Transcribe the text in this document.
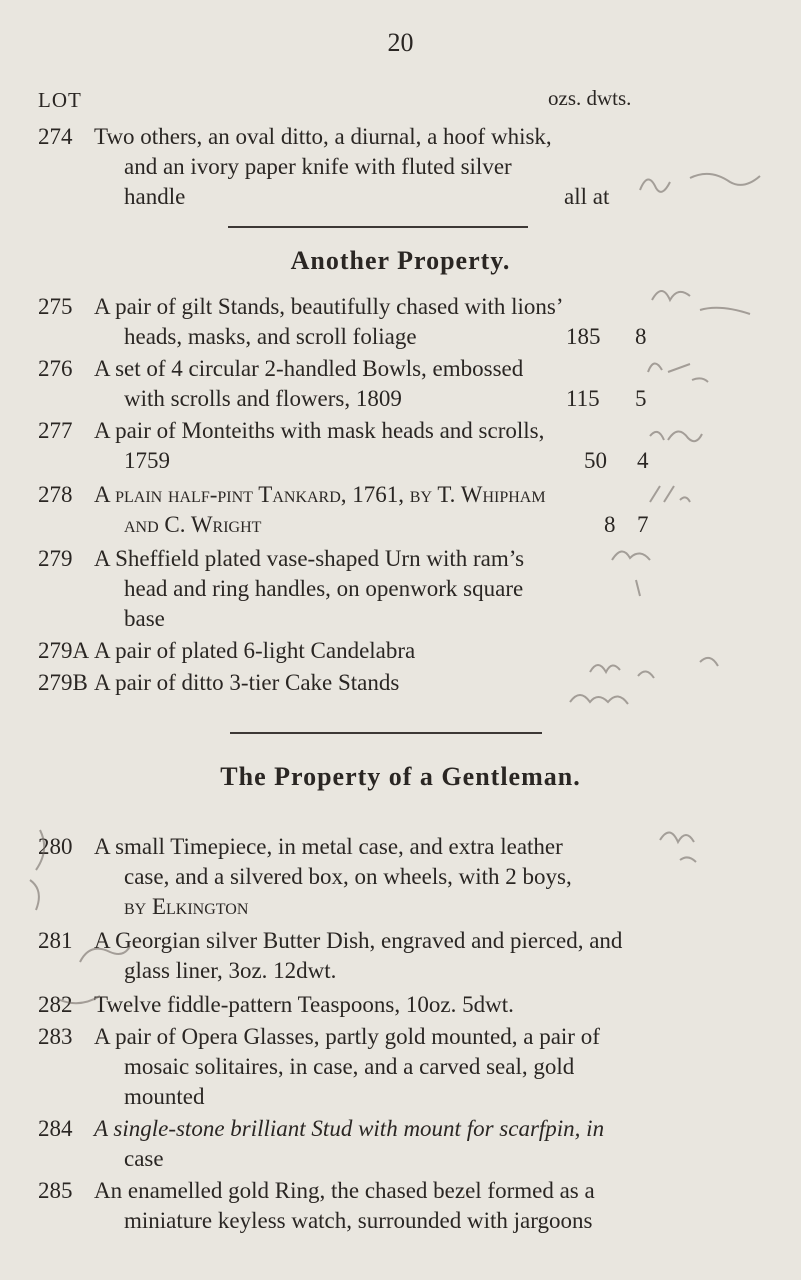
20
LOT	ozs. dwts.
274 Two others, an oval ditto, a diurnal, a hoof whisk,
and an ivory paper knife with fluted silver
handle	all at
Another Property.
275 A pair of gilt Stands, beautifully chased with lions’
heads, masks, and scroll foliage	185 8
276 A set of 4 circular 2-handled Bowls, embossed
with scrolls and flowers, 1809	115 5
277 A pair of Monteiths with mask heads and scrolls,
1759	50 4
278 A plain half-pint Tankard, 1761, by T. Whipham
and C. Wright	8 7
279 A Sheffield plated vase-shaped Urn with ram’s
head and ring handles, on openwork square
base
279A A pair of plated 6-light Candelabra
279B A pair of ditto 3-tier Cake Stands
The Property of a Gentleman.
280 A small Timepiece, in metal case, and extra leather
case, and a silvered box, on wheels, with 2 boys,
by Elkington
281 A Georgian silver Butter Dish, engraved and pierced, and
glass liner, 3oz. 12dwt.
282 Twelve fiddle-pattern Teaspoons, 10oz. 5dwt.
283 A pair of Opera Glasses, partly gold mounted, a pair of
mosaic solitaires, in case, and a carved seal, gold
mounted
284 A single-stone brilliant Stud with mount for scarfpin, in
case
285 An enamelled gold Ring, the chased bezel formed as a
miniature keyless watch, surrounded with jargoons
